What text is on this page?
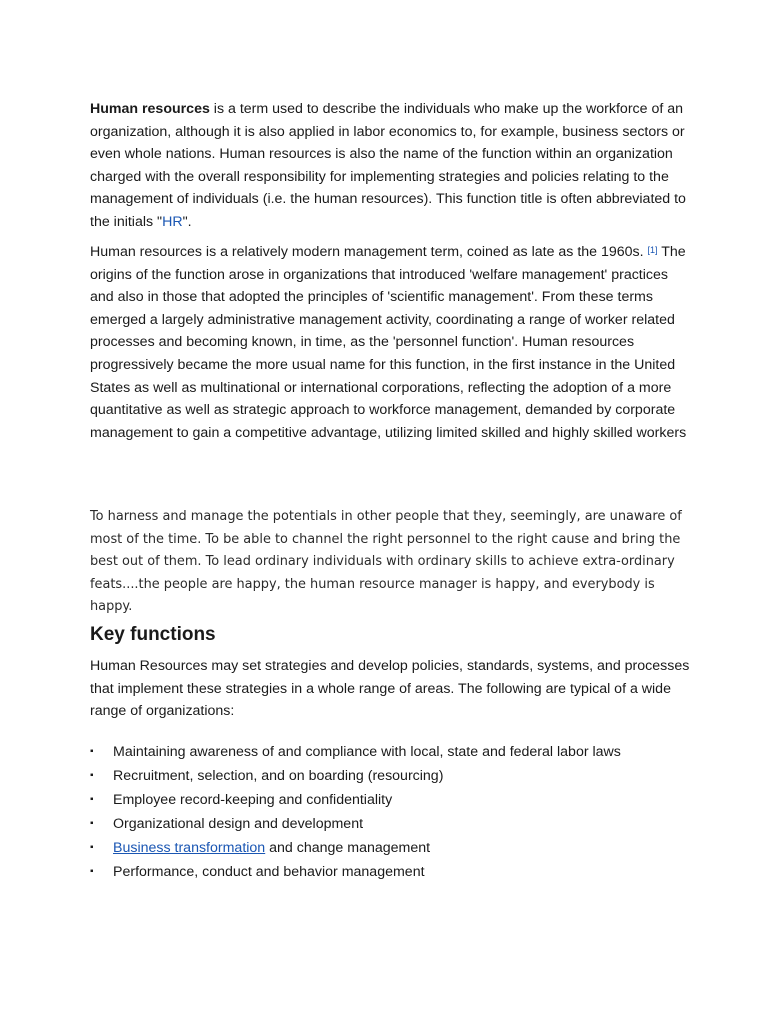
Human resources is a term used to describe the individuals who make up the workforce of an organization, although it is also applied in labor economics to, for example, business sectors or even whole nations. Human resources is also the name of the function within an organization charged with the overall responsibility for implementing strategies and policies relating to the management of individuals (i.e. the human resources). This function title is often abbreviated to the initials "HR".

Human resources is a relatively modern management term, coined as late as the 1960s. [1] The origins of the function arose in organizations that introduced 'welfare management' practices and also in those that adopted the principles of 'scientific management'. From these terms emerged a largely administrative management activity, coordinating a range of worker related processes and becoming known, in time, as the 'personnel function'. Human resources progressively became the more usual name for this function, in the first instance in the United States as well as multinational or international corporations, reflecting the adoption of a more quantitative as well as strategic approach to workforce management, demanded by corporate management to gain a competitive advantage, utilizing limited skilled and highly skilled workers

To harness and manage the potentials in other people that they, seemingly, are unaware of most of the time. To be able to channel the right personnel to the right cause and bring the best out of them. To lead ordinary individuals with ordinary skills to achieve extra-ordinary feats....the people are happy, the human resource manager is happy, and everybody is happy.

Key functions

Human Resources may set strategies and develop policies, standards, systems, and processes that implement these strategies in a whole range of areas. The following are typical of a wide range of organizations:

▪ Maintaining awareness of and compliance with local, state and federal labor laws
▪ Recruitment, selection, and on boarding (resourcing)
▪ Employee record-keeping and confidentiality
▪ Organizational design and development
▪ Business transformation and change management
▪ Performance, conduct and behavior management
